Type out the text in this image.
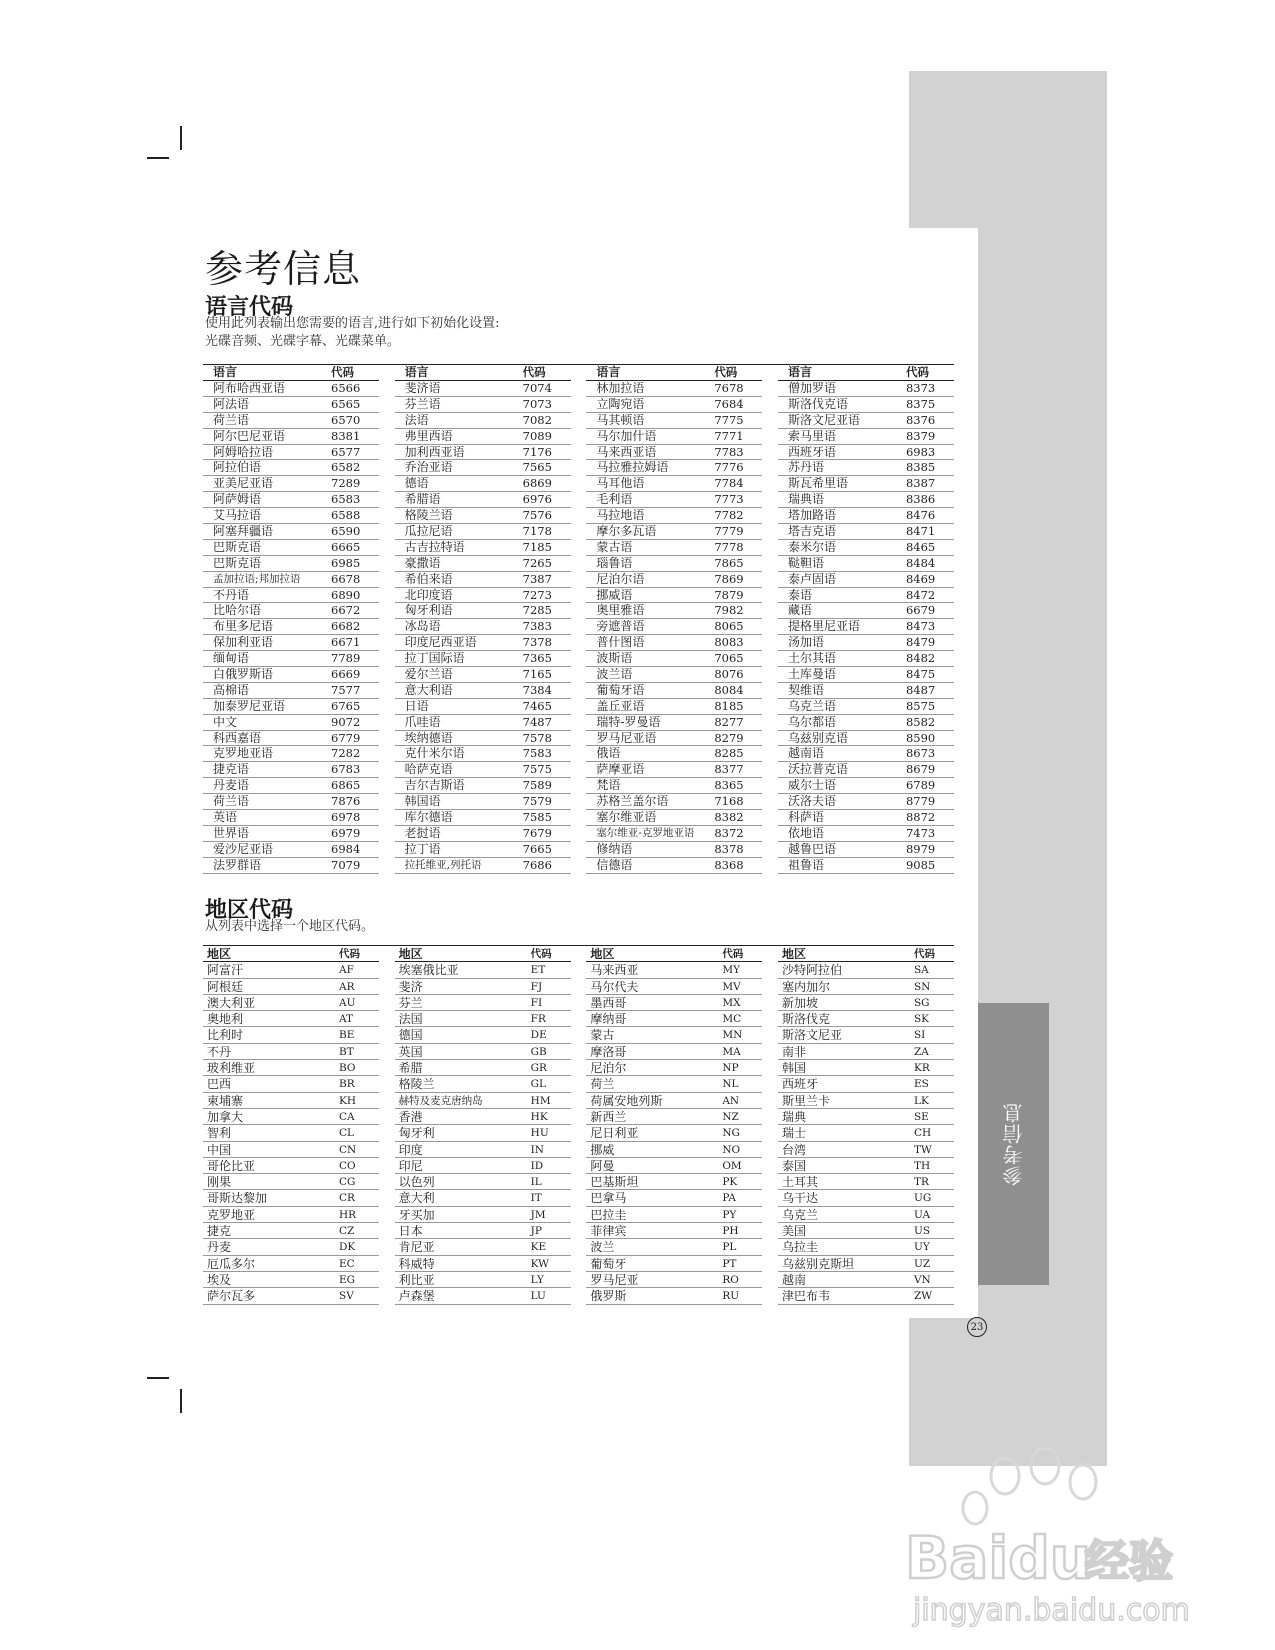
参考信息
参考信息
语言代码

使用此列表输出您需要的语言,进行如下初始化设置:

光碟音频、光碟字幕、光碟菜单。

语言	代码
阿布哈西亚语	6566
阿法语	6565
荷兰语	6570
阿尔巴尼亚语	8381
阿姆哈拉语	6577
阿拉伯语	6582
亚美尼亚语	7289
阿萨姆语	6583
艾马拉语	6588
阿塞拜疆语	6590
巴斯克语	6665
巴斯克语	6985
孟加拉语;邦加拉语	6678
不丹语	6890
比哈尔语	6672
布里多尼语	6682
保加利亚语	6671
缅甸语	7789
白俄罗斯语	6669
高棉语	7577
加泰罗尼亚语	6765
中文	9072
科西嘉语	6779
克罗地亚语	7282
捷克语	6783
丹麦语	6865
荷兰语	7876
英语	6978
世界语	6979
爱沙尼亚语	6984
法罗群语	7079
语言	代码
斐济语	7074
芬兰语	7073
法语	7082
弗里西语	7089
加利西亚语	7176
乔治亚语	7565
德语	6869
希腊语	6976
格陵兰语	7576
瓜拉尼语	7178
古吉拉特语	7185
豪撒语	7265
希伯来语	7387
北印度语	7273
匈牙利语	7285
冰岛语	7383
印度尼西亚语	7378
拉丁国际语	7365
爱尔兰语	7165
意大利语	7384
日语	7465
爪哇语	7487
埃纳德语	7578
克什米尔语	7583
哈萨克语	7575
吉尔吉斯语	7589
韩国语	7579
库尔德语	7585
老挝语	7679
拉丁语	7665
拉托维亚,列托语	7686
语言	代码
林加拉语	7678
立陶宛语	7684
马其顿语	7775
马尔加什语	7771
马来西亚语	7783
马拉雅拉姆语	7776
马耳他语	7784
毛利语	7773
马拉地语	7782
摩尔多瓦语	7779
蒙古语	7778
瑙鲁语	7865
尼泊尔语	7869
挪威语	7879
奥里雅语	7982
旁遮普语	8065
普什图语	8083
波斯语	7065
波兰语	8076
葡萄牙语	8084
盖丘亚语	8185
瑞特-罗曼语	8277
罗马尼亚语	8279
俄语	8285
萨摩亚语	8377
梵语	8365
苏格兰盖尔语	7168
塞尔维亚语	8382
塞尔维亚-克罗地亚语	8372
修纳语	8378
信德语	8368
语言	代码
僧加罗语	8373
斯洛伐克语	8375
斯洛文尼亚语	8376
索马里语	8379
西班牙语	6983
苏丹语	8385
斯瓦希里语	8387
瑞典语	8386
塔加路语	8476
塔吉克语	8471
泰米尔语	8465
鞑靼语	8484
泰卢固语	8469
泰语	8472
藏语	6679
提格里尼亚语	8473
汤加语	8479
土尔其语	8482
土库曼语	8475
契维语	8487
乌克兰语	8575
乌尔都语	8582
乌兹别克语	8590
越南语	8673
沃拉普克语	8679
威尔士语	6789
沃洛夫语	8779
科萨语	8872
依地语	7473
越鲁巴语	8979
祖鲁语	9085
地区代码

从列表中选择一个地区代码。

地区	代码
阿富汗	AF
阿根廷	AR
澳大利亚	AU
奥地利	AT
比利时	BE
不丹	BT
玻利维亚	BO
巴西	BR
柬埔寨	KH
加拿大	CA
智利	CL
中国	CN
哥伦比亚	CO
刚果	CG
哥斯达黎加	CR
克罗地亚	HR
捷克	CZ
丹麦	DK
厄瓜多尔	EC
埃及	EG
萨尔瓦多	SV
地区	代码
埃塞俄比亚	ET
斐济	FJ
芬兰	FI
法国	FR
德国	DE
英国	GB
希腊	GR
格陵兰	GL
赫特及麦克唐纳岛	HM
香港	HK
匈牙利	HU
印度	IN
印尼	ID
以色列	IL
意大利	IT
牙买加	JM
日本	JP
肯尼亚	KE
科威特	KW
利比亚	LY
卢森堡	LU
地区	代码
马来西亚	MY
马尔代夫	MV
墨西哥	MX
摩纳哥	MC
蒙古	MN
摩洛哥	MA
尼泊尔	NP
荷兰	NL
荷属安地列斯	AN
新西兰	NZ
尼日利亚	NG
挪威	NO
阿曼	OM
巴基斯坦	PK
巴拿马	PA
巴拉圭	PY
菲律宾	PH
波兰	PL
葡萄牙	PT
罗马尼亚	RO
俄罗斯	RU
地区	代码
沙特阿拉伯	SA
塞内加尔	SN
新加坡	SG
斯洛伐克	SK
斯洛文尼亚	SI
南非	ZA
韩国	KR
西班牙	ES
斯里兰卡	LK
瑞典	SE
瑞士	CH
台湾	TW
泰国	TH
土耳其	TR
乌干达	UG
乌克兰	UA
美国	US
乌拉圭	UY
乌兹别克斯坦	UZ
越南	VN
津巴布韦	ZW
23
Baidu
经验
jingyan.baidu.com
